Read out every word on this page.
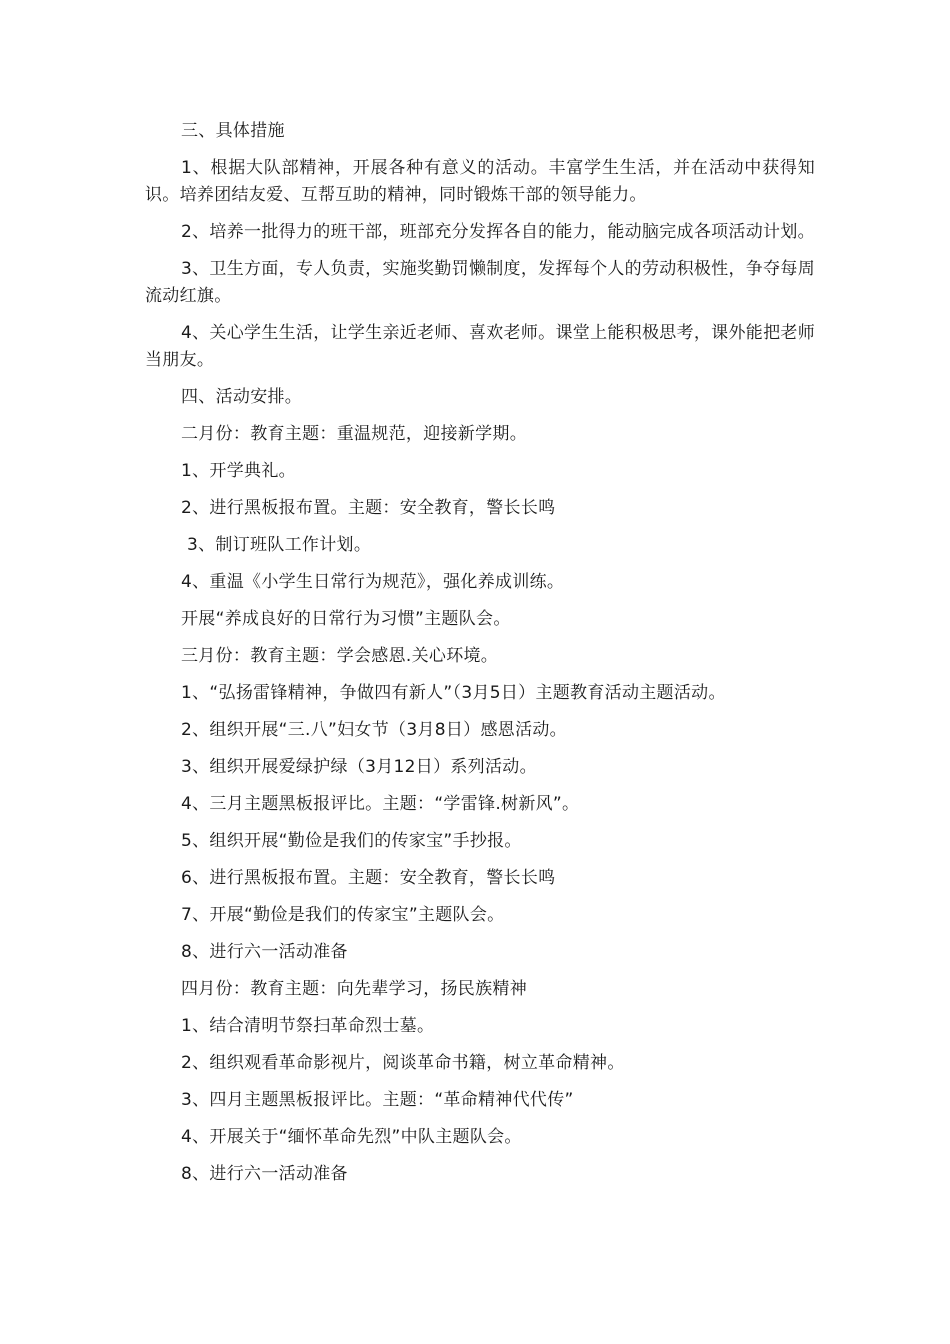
三、具体措施

1、根据大队部精神，开展各种有意义的活动。丰富学生生活，并在活动中获得知识。培养团结友爱、互帮互助的精神，同时锻炼干部的领导能力。

2、培养一批得力的班干部，班部充分发挥各自的能力，能动脑完成各项活动计划。

3、卫生方面，专人负责，实施奖勤罚懒制度，发挥每个人的劳动积极性，争夺每周流动红旗。

4、关心学生生活，让学生亲近老师、喜欢老师。课堂上能积极思考，课外能把老师当朋友。

四、活动安排。

二月份：教育主题：重温规范，迎接新学期。

1、开学典礼。

2、进行黑板报布置。主题：安全教育，警长长鸣

3、制订班队工作计划。

4、重温《小学生日常行为规范》，强化养成训练。

开展“养成良好的日常行为习惯”主题队会。

三月份：教育主题：学会感恩.关心环境。

1、“弘扬雷锋精神，争做四有新人”（3月5日）主题教育活动主题活动。

2、组织开展“三.八”妇女节（3月8日）感恩活动。

3、组织开展爱绿护绿（3月12日）系列活动。

4、三月主题黑板报评比。主题：“学雷锋.树新风”。

5、组织开展“勤俭是我们的传家宝”手抄报。

6、进行黑板报布置。主题：安全教育，警长长鸣

7、开展“勤俭是我们的传家宝”主题队会。

8、进行六一活动准备

四月份：教育主题：向先辈学习，扬民族精神

1、结合清明节祭扫革命烈士墓。

2、组织观看革命影视片，阅谈革命书籍，树立革命精神。

3、四月主题黑板报评比。主题：“革命精神代代传”

4、开展关于“缅怀革命先烈”中队主题队会。

8、进行六一活动准备
